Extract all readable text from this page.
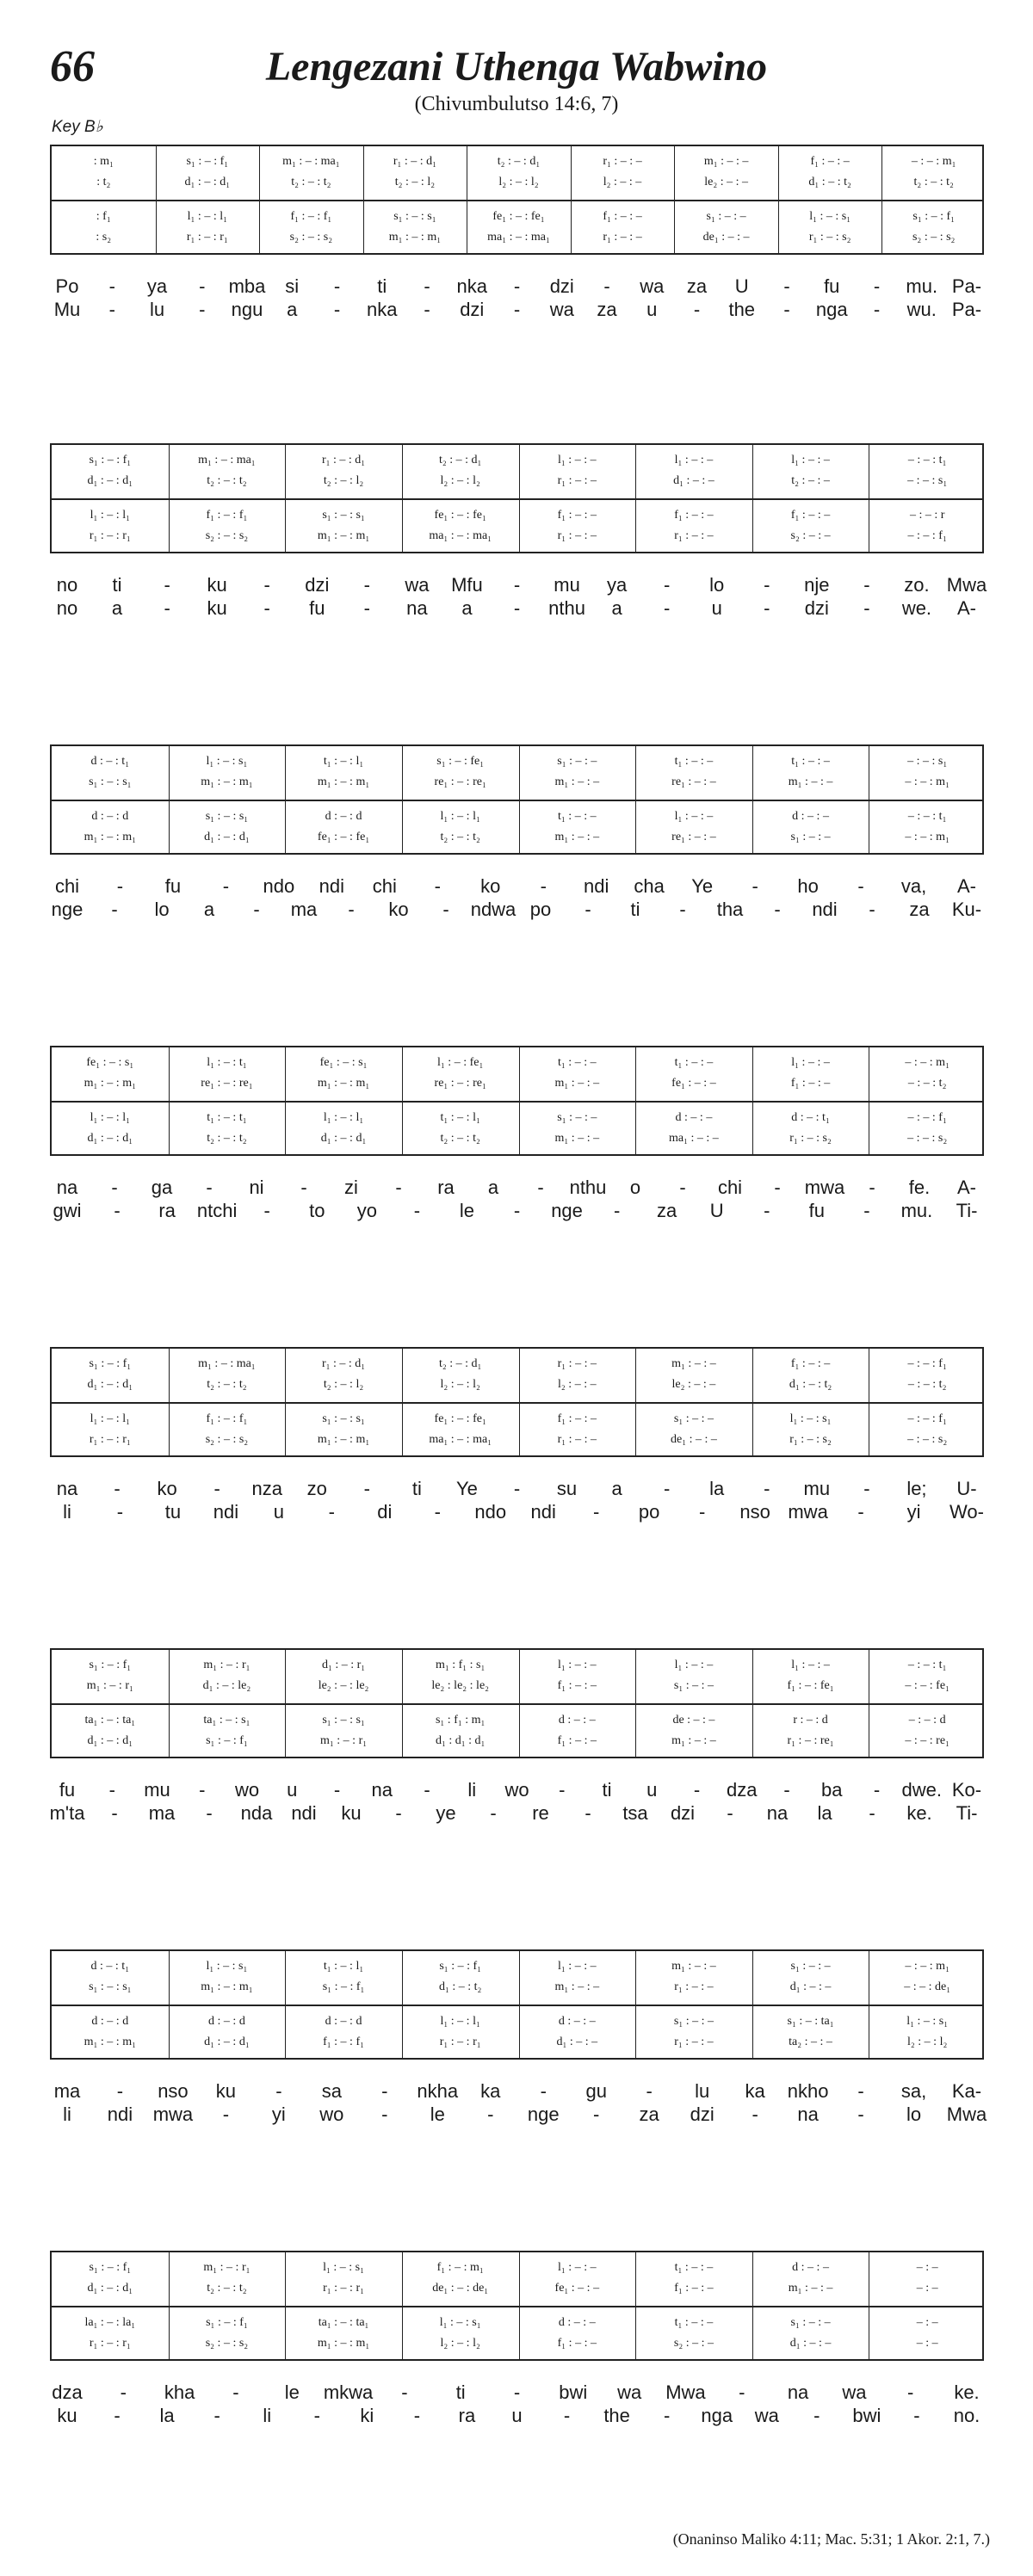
66	Lengezani Uthenga Wabwino
(Chivumbulutso 14:6, 7)
Key B♭
: m₁	s₁ : – : f₁	m₁ : – : ma₁	r₁ : – : d₁	t₂ : – : d₁	r₁ : – : –	m₁ : – : –	f₁ : – : –	– : – : m₁
: t₂	d₁ : – : d₁	t₂ : – : t₂	t₂ : – : l₂	l₂ : – : l₂	l₂ : – : –	le₂ : – : –	d₁ : – : t₂	t₂ : – : t₂
: f₁	l₁ : – : l₁	f₁ : – : f₁	s₁ : – : s₁	fe₁ : – : fe₁	f₁ : – : –	s₁ : – : –	l₁ : – : s₁	s₁ : – : f₁
: s₂	r₁ : – : r₁	s₂ : – : s₂	m₁ : – : m₁	ma₁ : – : ma₁	r₁ : – : –	de₁ : – : –	r₁ : – : s₂	s₂ : – : s₂
Po - ya - mba si - ti - nka - dzi - wa za U - fu - mu. Pa-
Mu - lu - ngu a - nka - dzi - wa za u - the - nga - wu. Pa-
s₁ : – : f₁	m₁ : – : ma₁	r₁ : – : d₁	t₂ : – : d₁	l₁ : – : –	l₁ : – : –	l₁ : – : –	– : – : t₁
d₁ : – : d₁	t₂ : – : t₂	t₂ : – : l₂	l₂ : – : l₂	r₁ : – : –	d₁ : – : –	t₂ : – : –	– : – : s₁
l₁ : – : l₁	f₁ : – : f₁	s₁ : – : s₁	fe₁ : – : fe₁	f₁ : – : –	f₁ : – : –	f₁ : – : –	– : – : r
r₁ : – : r₁	s₂ : – : s₂	m₁ : – : m₁	ma₁ : – : ma₁	r₁ : – : –	r₁ : – : –	s₂ : – : –	– : – : f₁
no ti - ku - dzi - wa Mfu - mu ya - lo - nje - zo. Mwa
no a - ku - fu - na a - nthu a - u - dzi - we. A-
d : – : t₁	l₁ : – : s₁	t₁ : – : l₁	s₁ : – : fe₁	s₁ : – : –	t₁ : – : –	t₁ : – : –	– : – : s₁
s₁ : – : s₁	m₁ : – : m₁	m₁ : – : m₁	re₁ : – : re₁	m₁ : – : –	re₁ : – : –	m₁ : – : –	– : – : m₁
d : – : d	s₁ : – : s₁	d : – : d	l₁ : – : l₁	t₁ : – : –	l₁ : – : –	d : – : –	– : – : t₁
m₁ : – : m₁	d₁ : – : d₁	fe₁ : – : fe₁	t₂ : – : t₂	m₁ : – : –	re₁ : – : –	s₁ : – : –	– : – : m₁
chi - fu - ndo ndi chi - ko - ndi cha Ye - ho - va, A-
nge - lo a - ma - ko - ndwa po - ti - tha - ndi - za Ku-
fe₁ : – : s₁	l₁ : – : t₁	fe₁ : – : s₁	l₁ : – : fe₁	t₁ : – : –	t₁ : – : –	l₁ : – : –	– : – : m₁
m₁ : – : m₁	re₁ : – : re₁	m₁ : – : m₁	re₁ : – : re₁	m₁ : – : –	fe₁ : – : –	f₁ : – : –	– : – : t₂
l₁ : – : l₁	t₁ : – : t₁	l₁ : – : l₁	t₁ : – : l₁	s₁ : – : –	d : – : –	d : – : t₁	– : – : f₁
d₁ : – : d₁	t₂ : – : t₂	d₁ : – : d₁	t₂ : – : t₂	m₁ : – : –	ma₁ : – : –	r₁ : – : s₂	– : – : s₂
na - ga - ni - zi - ra a - nthu o - chi - mwa - fe. A-
gwi - ra ntchi - to yo - le - nge - za U - fu - mu. Ti-
s₁ : – : f₁	m₁ : – : ma₁	r₁ : – : d₁	t₂ : – : d₁	r₁ : – : –	m₁ : – : –	f₁ : – : –	– : – : f₁
d₁ : – : d₁	t₂ : – : t₂	t₂ : – : l₂	l₂ : – : l₂	l₂ : – : –	le₂ : – : –	d₁ : – : t₂	– : – : t₂
l₁ : – : l₁	f₁ : – : f₁	s₁ : – : s₁	fe₁ : – : fe₁	f₁ : – : –	s₁ : – : –	l₁ : – : s₁	– : – : f₁
r₁ : – : r₁	s₂ : – : s₂	m₁ : – : m₁	ma₁ : – : ma₁	r₁ : – : –	de₁ : – : –	r₁ : – : s₂	– : – : s₂
na - ko - nza zo - ti Ye - su a - la - mu - le; U-
li - tu ndi u - di - ndo ndi - po - nso mwa - yi Wo-
s₁ : – : f₁	m₁ : – : r₁	d₁ : – : r₁	m₁ : f₁ : s₁	l₁ : – : –	l₁ : – : –	l₁ : – : –	– : – : t₁
m₁ : – : r₁	d₁ : – : le₂	le₂ : – : le₂	le₂ : le₂ : le₂	f₁ : – : –	s₁ : – : –	f₁ : – : fe₁	– : – : fe₁
ta₁ : – : ta₁	ta₁ : – : s₁	s₁ : – : s₁	s₁ : f₁ : m₁	d : – : –	de : – : –	r : – : d	– : – : d
d₁ : – : d₁	s₁ : – : f₁	m₁ : – : r₁	d₁ : d₁ : d₁	f₁ : – : –	m₁ : – : –	r₁ : – : re₁	– : – : re₁
fu - mu - wo u - na - li wo - ti u - dza - ba - dwe. Ko-
m'ta - ma - nda ndi ku - ye - re - tsa dzi - na la - ke. Ti-
d : – : t₁	l₁ : – : s₁	t₁ : – : l₁	s₁ : – : f₁	l₁ : – : –	m₁ : – : –	s₁ : – : –	– : – : m₁
s₁ : – : s₁	m₁ : – : m₁	s₁ : – : f₁	d₁ : – : t₂	m₁ : – : –	r₁ : – : –	d₁ : – : –	– : – : de₁
d : – : d	d : – : d	d : – : d	l₁ : – : l₁	d : – : –	s₁ : – : –	s₁ : – : ta₁	l₁ : – : s₁
m₁ : – : m₁	d₁ : – : d₁	f₁ : – : f₁	r₁ : – : r₁	d₁ : – : –	r₁ : – : –	ta₂ : – : –	l₂ : – : l₂
ma - nso ku - sa - nkha ka - gu - lu ka nkho - sa, Ka-
li ndi mwa - yi wo - le - nge - za dzi - na - lo Mwa
s₁ : – : f₁	m₁ : – : r₁	l₁ : – : s₁	f₁ : – : m₁	l₁ : – : –	t₁ : – : –	d : – : –	– : –
d₁ : – : d₁	t₂ : – : t₂	r₁ : – : r₁	de₁ : – : de₁	fe₁ : – : –	f₁ : – : –	m₁ : – : –	– : –
la₁ : – : la₁	s₁ : – : f₁	ta₁ : – : ta₁	l₁ : – : s₁	d : – : –	t₁ : – : –	s₁ : – : –	– : –
r₁ : – : r₁	s₂ : – : s₂	m₁ : – : m₁	l₂ : – : l₂	f₁ : – : –	s₂ : – : –	d₁ : – : –	– : –
dza - kha - le mkwa -	ti	- bwi wa Mwa - na wa - ke.
ku - la - li - ki - ra u - the - nga wa - bwi - no.
(Onaninso Maliko 4:11; Mac. 5:31; 1 Akor. 2:1, 7.)
